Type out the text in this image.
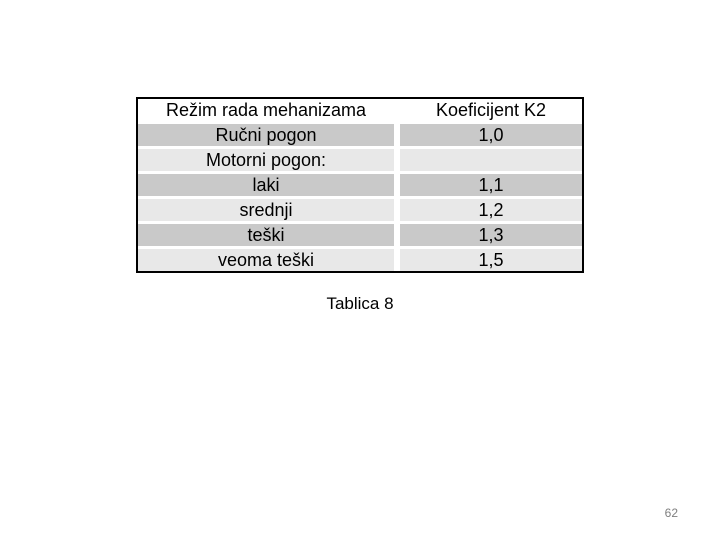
Režim rada mehanizama		Koeficijent K2
Ručni pogon		1,0
Motorni pogon:		
laki		1,1
srednji		1,2
teški		1,3
veoma teški		1,5
Tablica 8
62
